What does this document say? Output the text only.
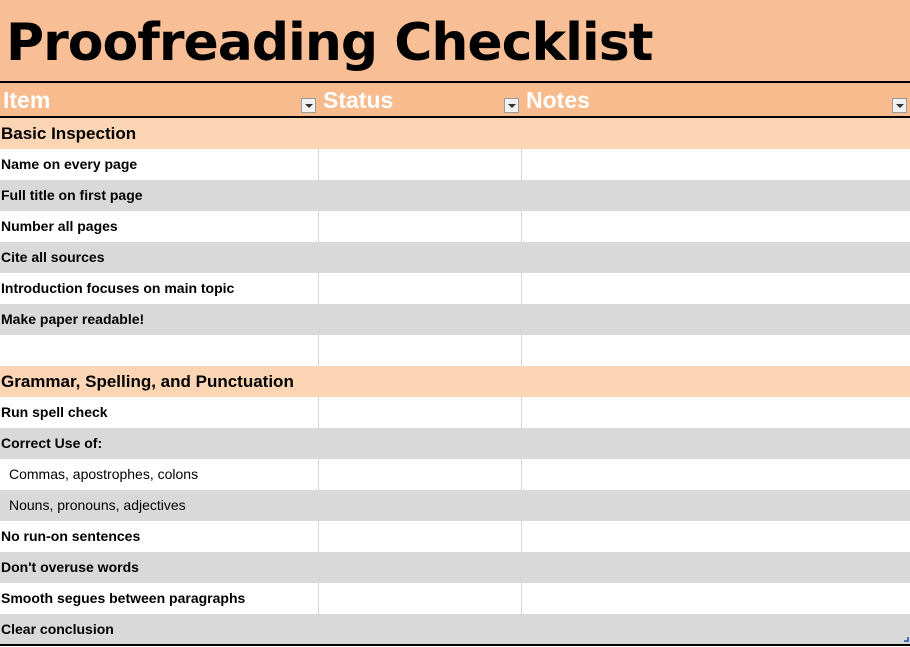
Proofreading Checklist
Item	Status	Notes
Basic Inspection
Name on every page
Full title on first page
Number all pages
Cite all sources
Introduction focuses on main topic
Make paper readable!
Grammar, Spelling, and Punctuation
Run spell check
Correct Use of:
Commas, apostrophes, colons
Nouns, pronouns, adjectives
No run-on sentences
Don't overuse words
Smooth segues between paragraphs
Clear conclusion
